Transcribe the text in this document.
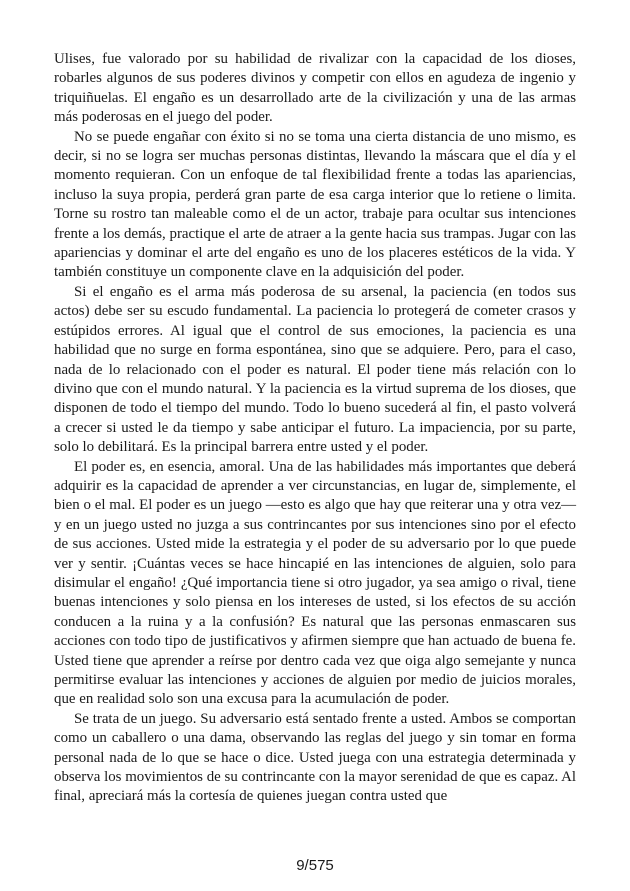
Ulises, fue valorado por su habilidad de rivalizar con la capacidad de los dioses, robarles algunos de sus poderes divinos y competir con ellos en agudeza de ingenio y triquiñuelas. El engaño es un desarrollado arte de la civilización y una de las armas más poderosas en el juego del poder.

No se puede engañar con éxito si no se toma una cierta distancia de uno mismo, es decir, si no se logra ser muchas personas distintas, llevando la máscara que el día y el momento requieran. Con un enfoque de tal flexibilidad frente a todas las apariencias, incluso la suya propia, perderá gran parte de esa carga interior que lo retiene o limita. Torne su rostro tan maleable como el de un actor, trabaje para ocultar sus intenciones frente a los demás, practique el arte de atraer a la gente hacia sus trampas. Jugar con las apariencias y dominar el arte del engaño es uno de los placeres estéticos de la vida. Y también constituye un componente clave en la adquisición del poder.

Si el engaño es el arma más poderosa de su arsenal, la paciencia (en todos sus actos) debe ser su escudo fundamental. La paciencia lo protegerá de cometer crasos y estúpidos errores. Al igual que el control de sus emociones, la paciencia es una habilidad que no surge en forma espontánea, sino que se adquiere. Pero, para el caso, nada de lo relacionado con el poder es natural. El poder tiene más relación con lo divino que con el mundo natural. Y la paciencia es la virtud suprema de los dioses, que disponen de todo el tiempo del mundo. Todo lo bueno sucederá al fin, el pasto volverá a crecer si usted le da tiempo y sabe anticipar el futuro. La impaciencia, por su parte, solo lo debilitará. Es la principal barrera entre usted y el poder.

El poder es, en esencia, amoral. Una de las habilidades más importantes que deberá adquirir es la capacidad de aprender a ver circunstancias, en lugar de, simplemente, el bien o el mal. El poder es un juego —esto es algo que hay que reiterar una y otra vez— y en un juego usted no juzga a sus contrincantes por sus intenciones sino por el efecto de sus acciones. Usted mide la estrategia y el poder de su adversario por lo que puede ver y sentir. ¡Cuántas veces se hace hincapié en las intenciones de alguien, solo para disimular el engaño! ¿Qué importancia tiene si otro jugador, ya sea amigo o rival, tiene buenas intenciones y solo piensa en los intereses de usted, si los efectos de su acción conducen a la ruina y a la confusión? Es natural que las personas enmascaren sus acciones con todo tipo de justificativos y afirmen siempre que han actuado de buena fe. Usted tiene que aprender a reírse por dentro cada vez que oiga algo semejante y nunca permitirse evaluar las intenciones y acciones de alguien por medio de juicios morales, que en realidad solo son una excusa para la acumulación de poder.

Se trata de un juego. Su adversario está sentado frente a usted. Ambos se comportan como un caballero o una dama, observando las reglas del juego y sin tomar en forma personal nada de lo que se hace o dice. Usted juega con una estrategia determinada y observa los movimientos de su contrincante con la mayor serenidad de que es capaz. Al final, apreciará más la cortesía de quienes juegan contra usted que

9/575
